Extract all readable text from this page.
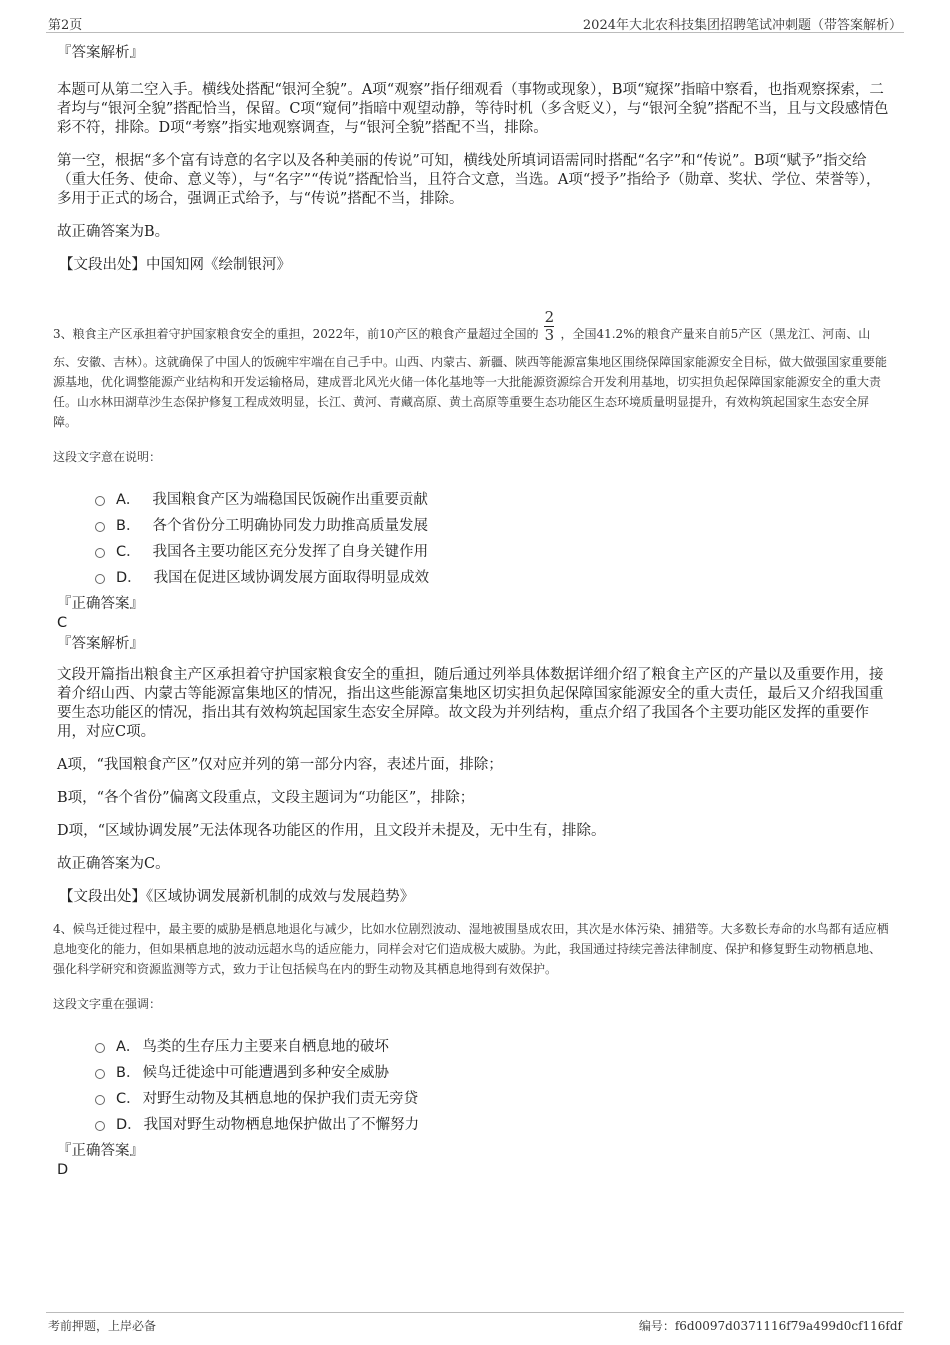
第2页	2024年大北农科技集团招聘笔试冲刺题（带答案解析）

『答案解析』

本题可从第二空入手。横线处搭配“银河全貌”。A项“观察”指仔细观看（事物或现象），B项“窥探”指暗中察看，也指观察探索，二者均与“银河全貌”搭配恰当，保留。C项“窥伺”指暗中观望动静，等待时机（多含贬义），与“银河全貌”搭配不当，且与文段感情色彩不符，排除。D项“考察”指实地观察调查，与“银河全貌”搭配不当，排除。

第一空，根据“多个富有诗意的名字以及各种美丽的传说”可知，横线处所填词语需同时搭配“名字”和“传说”。B项“赋予”指交给（重大任务、使命、意义等），与“名字”“传说”搭配恰当，且符合文意，当选。A项“授予”指给予（勋章、奖状、学位、荣誉等），多用于正式的场合，强调正式给予，与“传说”搭配不当，排除。

故正确答案为B。

【文段出处】中国知网《绘制银河》

3、粮食主产区承担着守护国家粮食安全的重担，2022年，前10产区的粮食产量超过全国的 $\frac{2}{3}$ ，全国41.2%的粮食产量来自前5产区（黑龙江、河南、山东、安徽、吉林）。这就确保了中国人的饭碗牢牢端在自己手中。山西、内蒙古、新疆、陕西等能源富集地区围绕保障国家能源安全目标，做大做强国家重要能源基地，优化调整能源产业结构和开发运输格局，建成晋北风光火储一体化基地等一大批能源资源综合开发利用基地，切实担负起保障国家能源安全的重大责任。山水林田湖草沙生态保护修复工程成效明显，长江、黄河、青藏高原、黄土高原等重要生态功能区生态环境质量明显提升，有效构筑起国家生态安全屏障。

这段文字意在说明：

A． 我国粮食产区为端稳国民饭碗作出重要贡献
B． 各个省份分工明确协同发力助推高质量发展
C． 我国各主要功能区充分发挥了自身关键作用
D． 我国在促进区域协调发展方面取得明显成效

『正确答案』

C

『答案解析』

文段开篇指出粮食主产区承担着守护国家粮食安全的重担，随后通过列举具体数据详细介绍了粮食主产区的产量以及重要作用，接着介绍山西、内蒙古等能源富集地区的情况，指出这些能源富集地区切实担负起保障国家能源安全的重大责任，最后又介绍我国重要生态功能区的情况，指出其有效构筑起国家生态安全屏障。故文段为并列结构，重点介绍了我国各个主要功能区发挥的重要作用，对应C项。

A项，“我国粮食产区”仅对应并列的第一部分内容，表述片面，排除；

B项，“各个省份”偏离文段重点，文段主题词为“功能区”，排除；

D项，“区域协调发展”无法体现各功能区的作用，且文段并未提及，无中生有，排除。

故正确答案为C。

【文段出处】《区域协调发展新机制的成效与发展趋势》

4、候鸟迁徙过程中，最主要的威胁是栖息地退化与减少，比如水位剧烈波动、湿地被围垦成农田，其次是水体污染、捕猎等。大多数长寿命的水鸟都有适应栖息地变化的能力，但如果栖息地的波动远超水鸟的适应能力，同样会对它们造成极大威胁。为此，我国通过持续完善法律制度、保护和修复野生动物栖息地、强化科学研究和资源监测等方式，致力于让包括候鸟在内的野生动物及其栖息地得到有效保护。

这段文字重在强调：

A． 鸟类的生存压力主要来自栖息地的破坏
B． 候鸟迁徙途中可能遭遇到多种安全威胁
C． 对野生动物及其栖息地的保护我们责无旁贷
D． 我国对野生动物栖息地保护做出了不懈努力

『正确答案』

D

考前押题，上岸必备	编号：f6d0097d0371116f79a499d0cf116fdf
